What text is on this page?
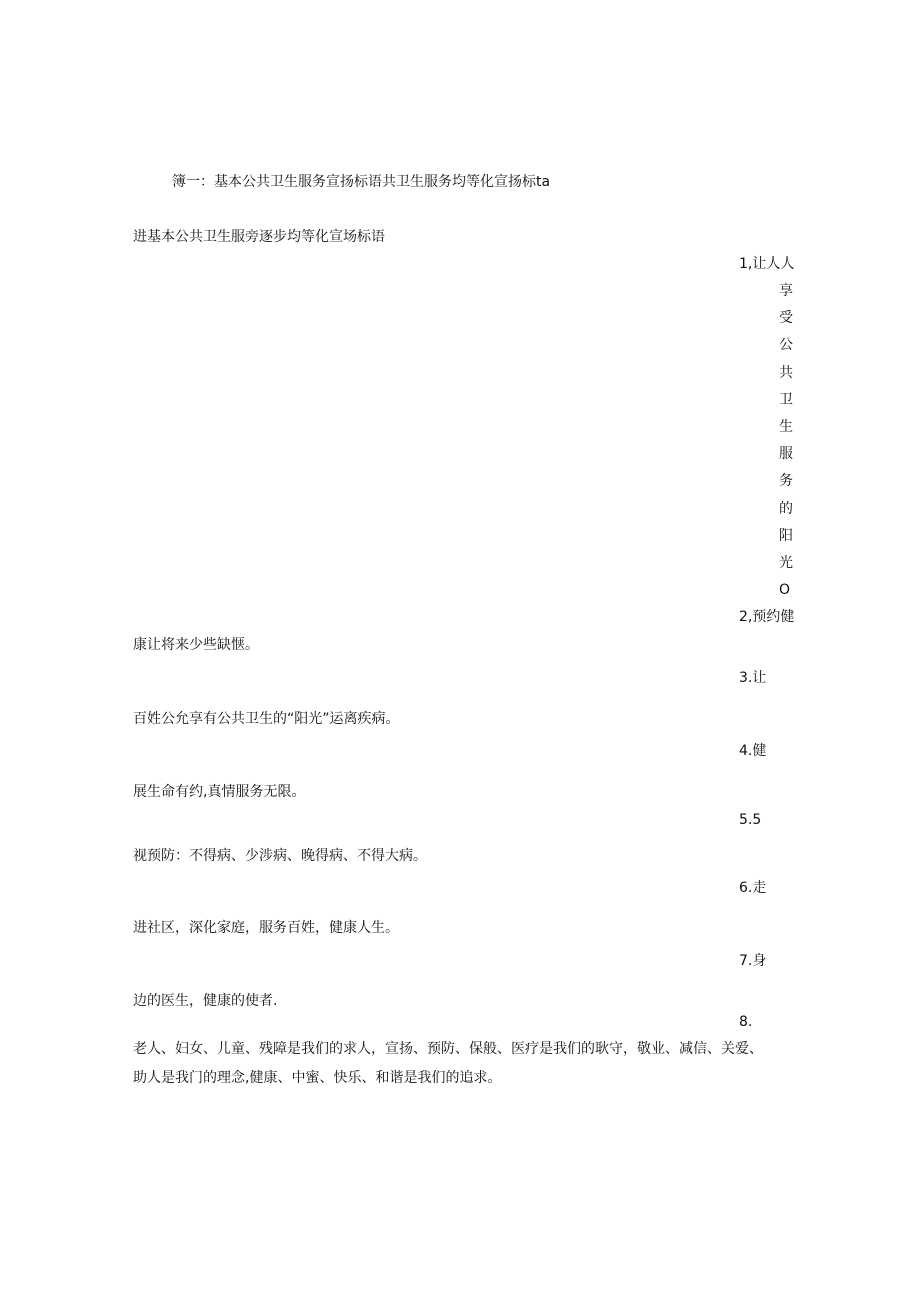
簿一：基本公共卫生服务宣扬标语共卫生服务均等化宣扬标ta
进基本公共卫生服旁逐步均等化宣场标语
1,让人人
享
受
公
共
卫
生
服
务
的
阳
光
O
2,预约健
康让将来少些缺惬。
3.让
百姓公允享有公共卫生的“阳光”运离疾病。
4.健
展生命有约,真情服务无限。
5.5
视预防：不得病、少涉病、晚得病、不得大病。
6.走
进社区，深化家庭，服务百姓，健康人生。
7.身
边的医生，健康的使者.
8.
老人、妇女、儿童、残障是我们的求人，宣扬、预防、保般、医疗是我们的耿守，敬业、减信、关爱、
助人是我门的理念,健康、中蜜、快乐、和谐是我们的追求。
